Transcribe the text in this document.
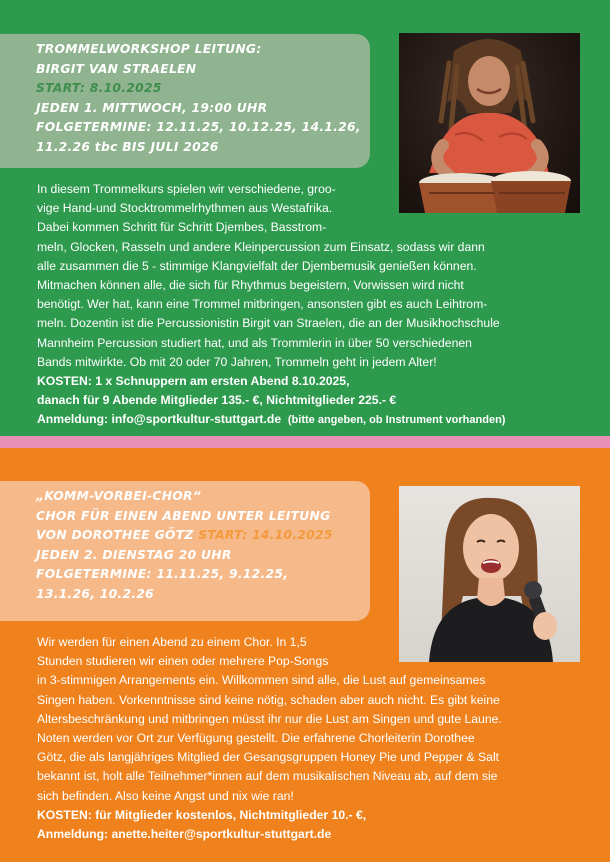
TROMMELWORKSHOP LEITUNG:
BIRGIT VAN STRAELEN
START: 8.10.2025
JEDEN 1. MITTWOCH, 19:00 UHR
FOLGETERMINE: 12.11.25, 10.12.25, 14.1.26,
11.2.26 tbc BIS JULI 2026
In diesem Trommelkurs spielen wir verschiedene, groo-
vige Hand-und Stocktrommelrhythmen aus Westafrika.
Dabei kommen Schritt für Schritt Djembes, Basstrom-
meln, Glocken, Rasseln und andere Kleinpercussion zum Einsatz, sodass wir dann
alle zusammen die 5 - stimmige Klangvielfalt der Djembemusik genießen können.
Mitmachen können alle, die sich für Rhythmus begeistern, Vorwissen wird nicht
benötigt. Wer hat, kann eine Trommel mitbringen, ansonsten gibt es auch Leihtrom-
meln. Dozentin ist die Percussionistin Birgit van Straelen, die an der Musikhochschule
Mannheim Percussion studiert hat, und als Trommlerin in über 50 verschiedenen
Bands mitwirkte. Ob mit 20 oder 70 Jahren, Trommeln geht in jedem Alter!
KOSTEN: 1 x Schnuppern am ersten Abend 8.10.2025,
danach für 9 Abende Mitglieder 135.- €, Nichtmitglieder 225.- €
Anmeldung: info@sportkultur-stuttgart.de (bitte angeben, ob Instrument vorhanden)
„KOMM-VORBEI-CHOR“
CHOR FÜR EINEN ABEND UNTER LEITUNG
VON DOROTHEE GÖTZ START: 14.10.2025
JEDEN 2. DIENSTAG 20 UHR
FOLGETERMINE: 11.11.25, 9.12.25,
13.1.26, 10.2.26
Wir werden für einen Abend zu einem Chor. In 1,5
Stunden studieren wir einen oder mehrere Pop-Songs
in 3-stimmigen Arrangements ein. Willkommen sind alle, die Lust auf gemeinsames
Singen haben. Vorkenntnisse sind keine nötig, schaden aber auch nicht. Es gibt keine
Altersbeschränkung und mitbringen müsst ihr nur die Lust am Singen und gute Laune.
Noten werden vor Ort zur Verfügung gestellt. Die erfahrene Chorleiterin Dorothee
Götz, die als langjähriges Mitglied der Gesangsgruppen Honey Pie und Pepper & Salt
bekannt ist, holt alle Teilnehmer*innen auf dem musikalischen Niveau ab, auf dem sie
sich befinden. Also keine Angst und nix wie ran!
KOSTEN: für Mitglieder kostenlos, Nichtmitglieder 10.- €,
Anmeldung: anette.heiter@sportkultur-stuttgart.de
